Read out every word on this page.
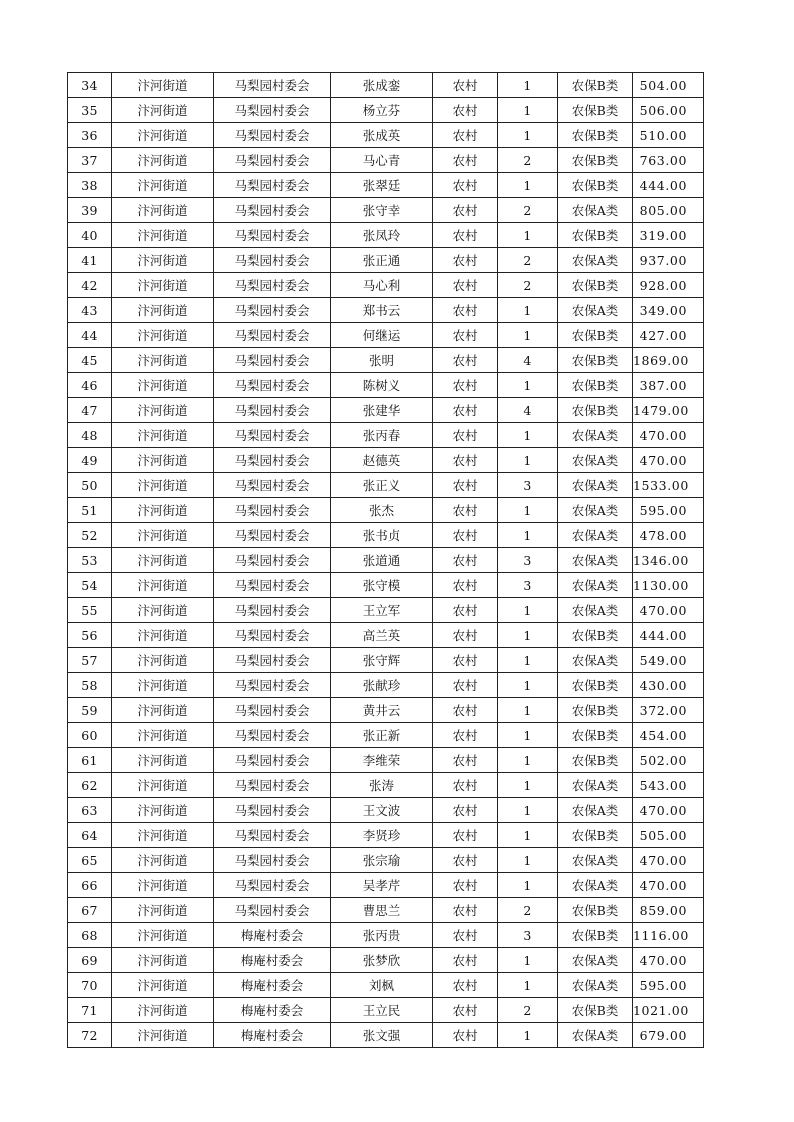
34	汴河街道	马梨园村委会	张成銮	农村	1	农保B类	504.00
35	汴河街道	马梨园村委会	杨立芬	农村	1	农保B类	506.00
36	汴河街道	马梨园村委会	张成英	农村	1	农保B类	510.00
37	汴河街道	马梨园村委会	马心青	农村	2	农保B类	763.00
38	汴河街道	马梨园村委会	张翠廷	农村	1	农保B类	444.00
39	汴河街道	马梨园村委会	张守幸	农村	2	农保A类	805.00
40	汴河街道	马梨园村委会	张凤玲	农村	1	农保B类	319.00
41	汴河街道	马梨园村委会	张正通	农村	2	农保A类	937.00
42	汴河街道	马梨园村委会	马心利	农村	2	农保B类	928.00
43	汴河街道	马梨园村委会	郑书云	农村	1	农保A类	349.00
44	汴河街道	马梨园村委会	何继运	农村	1	农保B类	427.00
45	汴河街道	马梨园村委会	张明	农村	4	农保B类	1869.00
46	汴河街道	马梨园村委会	陈树义	农村	1	农保B类	387.00
47	汴河街道	马梨园村委会	张建华	农村	4	农保B类	1479.00
48	汴河街道	马梨园村委会	张丙春	农村	1	农保A类	470.00
49	汴河街道	马梨园村委会	赵德英	农村	1	农保A类	470.00
50	汴河街道	马梨园村委会	张正义	农村	3	农保A类	1533.00
51	汴河街道	马梨园村委会	张杰	农村	1	农保A类	595.00
52	汴河街道	马梨园村委会	张书贞	农村	1	农保A类	478.00
53	汴河街道	马梨园村委会	张道通	农村	3	农保A类	1346.00
54	汴河街道	马梨园村委会	张守模	农村	3	农保A类	1130.00
55	汴河街道	马梨园村委会	王立军	农村	1	农保A类	470.00
56	汴河街道	马梨园村委会	高兰英	农村	1	农保B类	444.00
57	汴河街道	马梨园村委会	张守辉	农村	1	农保A类	549.00
58	汴河街道	马梨园村委会	张献珍	农村	1	农保B类	430.00
59	汴河街道	马梨园村委会	黄井云	农村	1	农保B类	372.00
60	汴河街道	马梨园村委会	张正新	农村	1	农保B类	454.00
61	汴河街道	马梨园村委会	李维荣	农村	1	农保B类	502.00
62	汴河街道	马梨园村委会	张涛	农村	1	农保A类	543.00
63	汴河街道	马梨园村委会	王文波	农村	1	农保A类	470.00
64	汴河街道	马梨园村委会	李贤珍	农村	1	农保B类	505.00
65	汴河街道	马梨园村委会	张宗瑜	农村	1	农保A类	470.00
66	汴河街道	马梨园村委会	吴孝芹	农村	1	农保A类	470.00
67	汴河街道	马梨园村委会	曹思兰	农村	2	农保B类	859.00
68	汴河街道	梅庵村委会	张丙贵	农村	3	农保B类	1116.00
69	汴河街道	梅庵村委会	张梦欣	农村	1	农保A类	470.00
70	汴河街道	梅庵村委会	刘枫	农村	1	农保A类	595.00
71	汴河街道	梅庵村委会	王立民	农村	2	农保B类	1021.00
72	汴河街道	梅庵村委会	张文强	农村	1	农保A类	679.00
